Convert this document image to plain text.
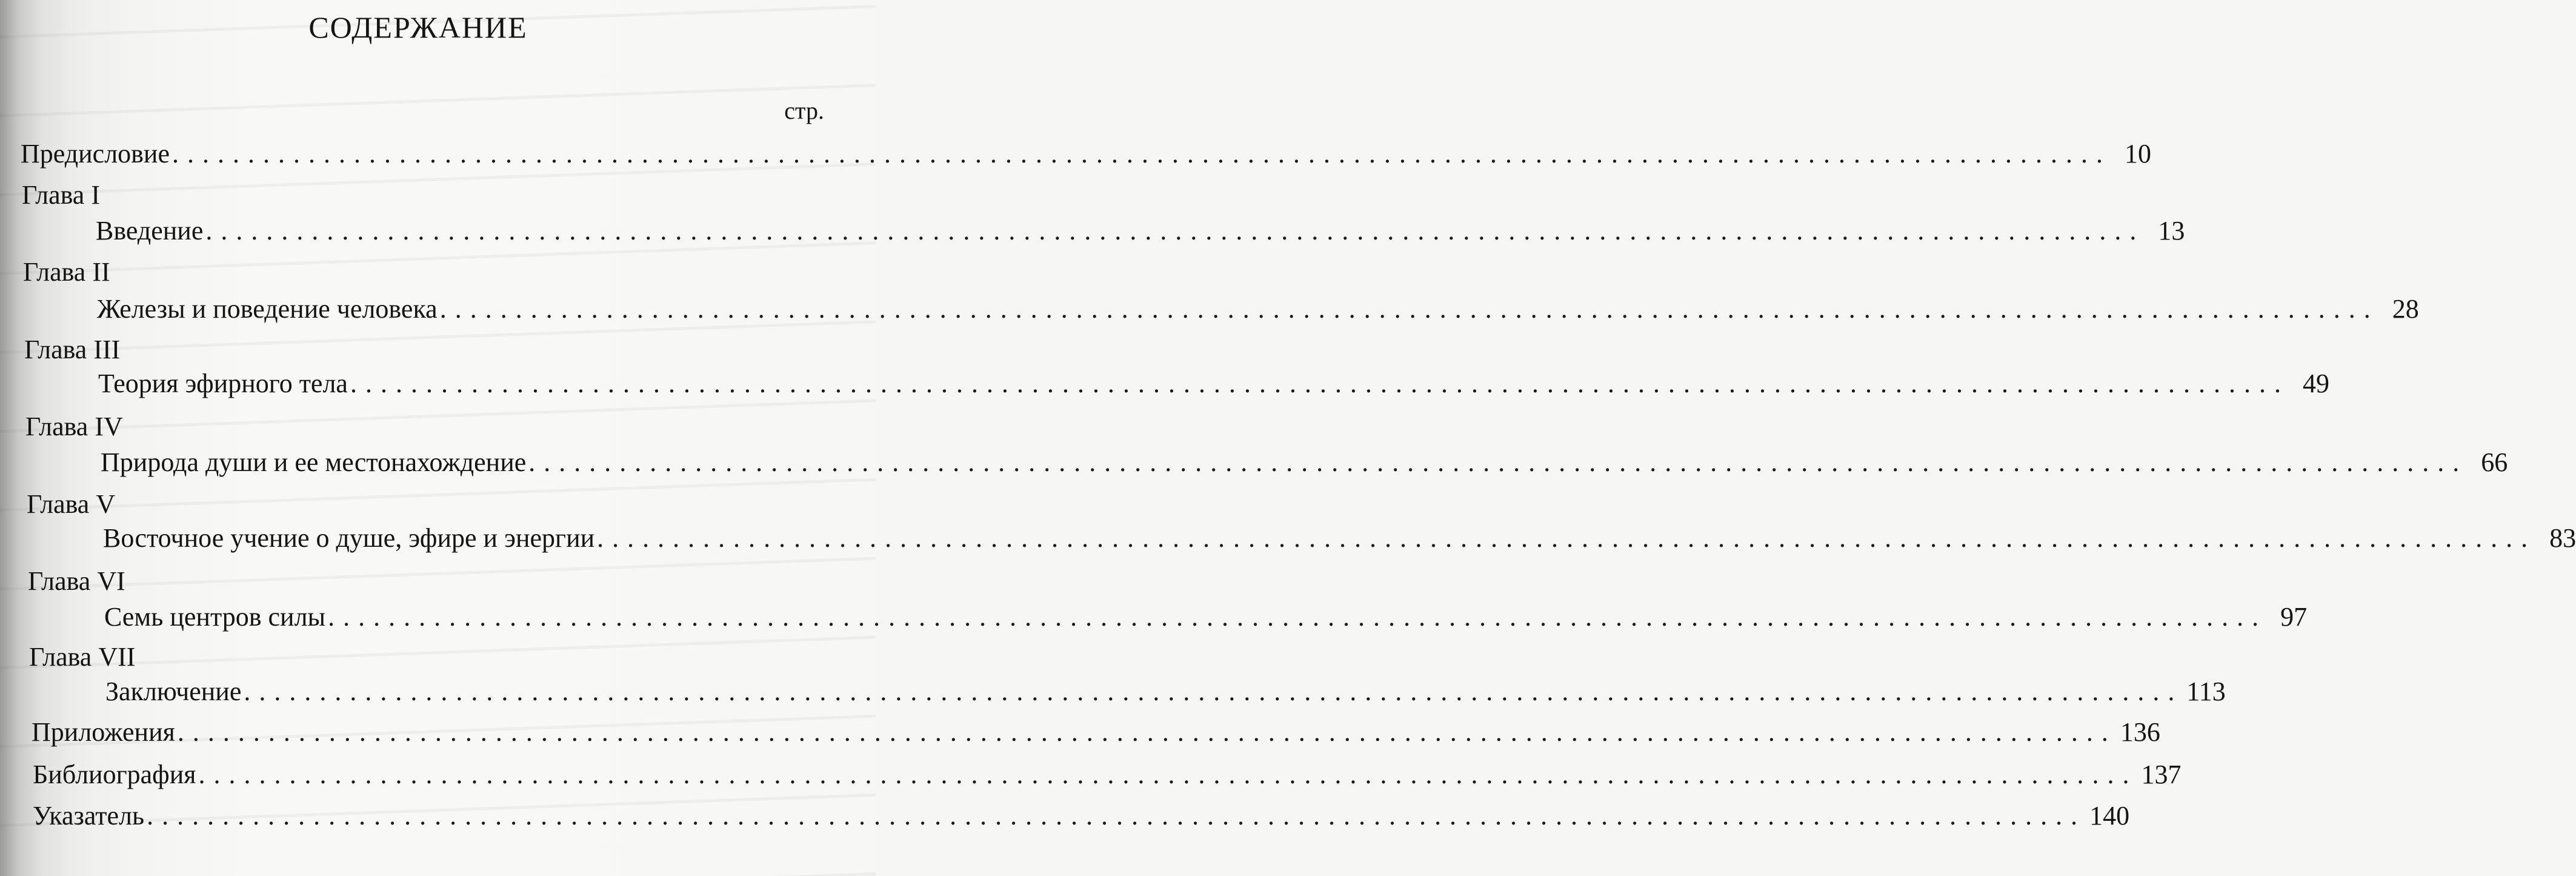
СОДЕРЖАНИЕ
стр.
Предисловие ................................................................................................................................ 10
Глава I
Введение ................................................................................................................................ 13
Глава II
Железы и поведение человека ................................................................................................................................ 28
Глава III
Теория эфирного тела ................................................................................................................................ 49
Глава IV
Природа души и ее местонахождение ................................................................................................................................ 66
Глава V
Восточное учение о душе, эфире и энергии ................................................................................................................................ 83
Глава VI
Семь центров силы ................................................................................................................................ 97
Глава VII
Заключение ................................................................................................................................ 113
Приложения ................................................................................................................................ 136
Библиография ................................................................................................................................ 137
Указатель ................................................................................................................................ 140
